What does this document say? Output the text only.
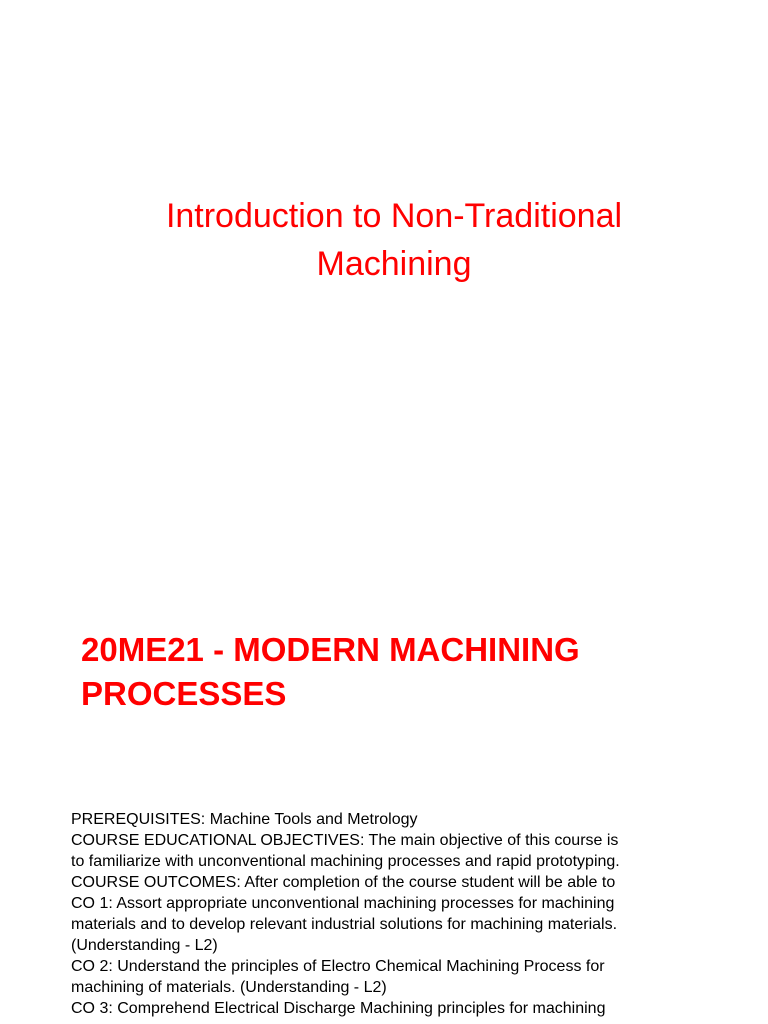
Introduction to Non-Traditional
Machining
20ME21 - MODERN MACHINING
PROCESSES
PREREQUISITES: Machine Tools and Metrology
COURSE EDUCATIONAL OBJECTIVES: The main objective of this course is
to familiarize with unconventional machining processes and rapid prototyping.
COURSE OUTCOMES: After completion of the course student will be able to
CO 1: Assort appropriate unconventional machining processes for machining
materials and to develop relevant industrial solutions for machining materials.
(Understanding - L2)
CO 2: Understand the principles of Electro Chemical Machining Process for
machining of materials. (Understanding - L2)
CO 3: Comprehend Electrical Discharge Machining principles for machining
